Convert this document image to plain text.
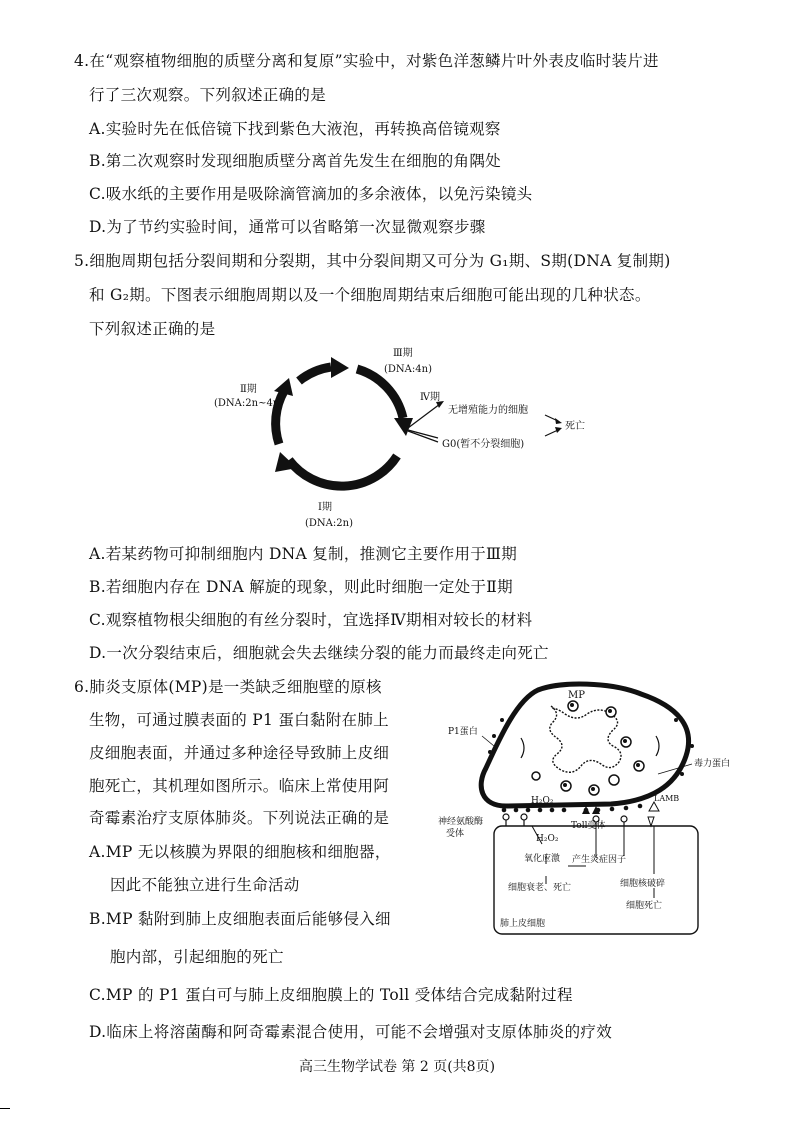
4.在“观察植物细胞的质壁分离和复原”实验中，对紫色洋葱鳞片叶外表皮临时装片进
行了三次观察。下列叙述正确的是
A.实验时先在低倍镜下找到紫色大液泡，再转换高倍镜观察
B.第二次观察时发现细胞质壁分离首先发生在细胞的角隅处
C.吸水纸的主要作用是吸除滴管滴加的多余液体，以免污染镜头
D.为了节约实验时间，通常可以省略第一次显微观察步骤
5.细胞周期包括分裂间期和分裂期，其中分裂间期又可分为 G₁期、S期(DNA 复制期)
和 G₂期。下图表示细胞周期以及一个细胞周期结束后细胞可能出现的几种状态。
下列叙述正确的是
Ⅲ期
(DNA:4n)
Ⅱ期
(DNA:2n~4n)
Ⅳ期
无增殖能力的细胞
死亡
G0(暂不分裂细胞)
Ⅰ期
(DNA:2n)
A.若某药物可抑制细胞内 DNA 复制，推测它主要作用于Ⅲ期
B.若细胞内存在 DNA 解旋的现象，则此时细胞一定处于Ⅱ期
C.观察植物根尖细胞的有丝分裂时，宜选择Ⅳ期相对较长的材料
D.一次分裂结束后，细胞就会失去继续分裂的能力而最终走向死亡
6.肺炎支原体(MP)是一类缺乏细胞壁的原核
生物，可通过膜表面的 P1 蛋白黏附在肺上
皮细胞表面，并通过多种途径导致肺上皮细
胞死亡，其机理如图所示。临床上常使用阿
奇霉素治疗支原体肺炎。下列说法正确的是
A.MP 无以核膜为界限的细胞核和细胞器，
因此不能独立进行生命活动
B.MP 黏附到肺上皮细胞表面后能够侵入细
胞内部，引起细胞的死亡
C.MP 的 P1 蛋白可与肺上皮细胞膜上的 Toll 受体结合完成黏附过程
D.临床上将溶菌酶和阿奇霉素混合使用，可能不会增强对支原体肺炎的疗效
MP
P1蛋白
毒力蛋白
H₂O₂	LAMB
神经氨酸酶
受体
Toll受体
H₂O₂
氧化应激 产生炎症因子
细胞衰老、死亡	细胞核破碎
细胞死亡
肺上皮细胞
高三生物学试卷 第 2 页(共8页)
